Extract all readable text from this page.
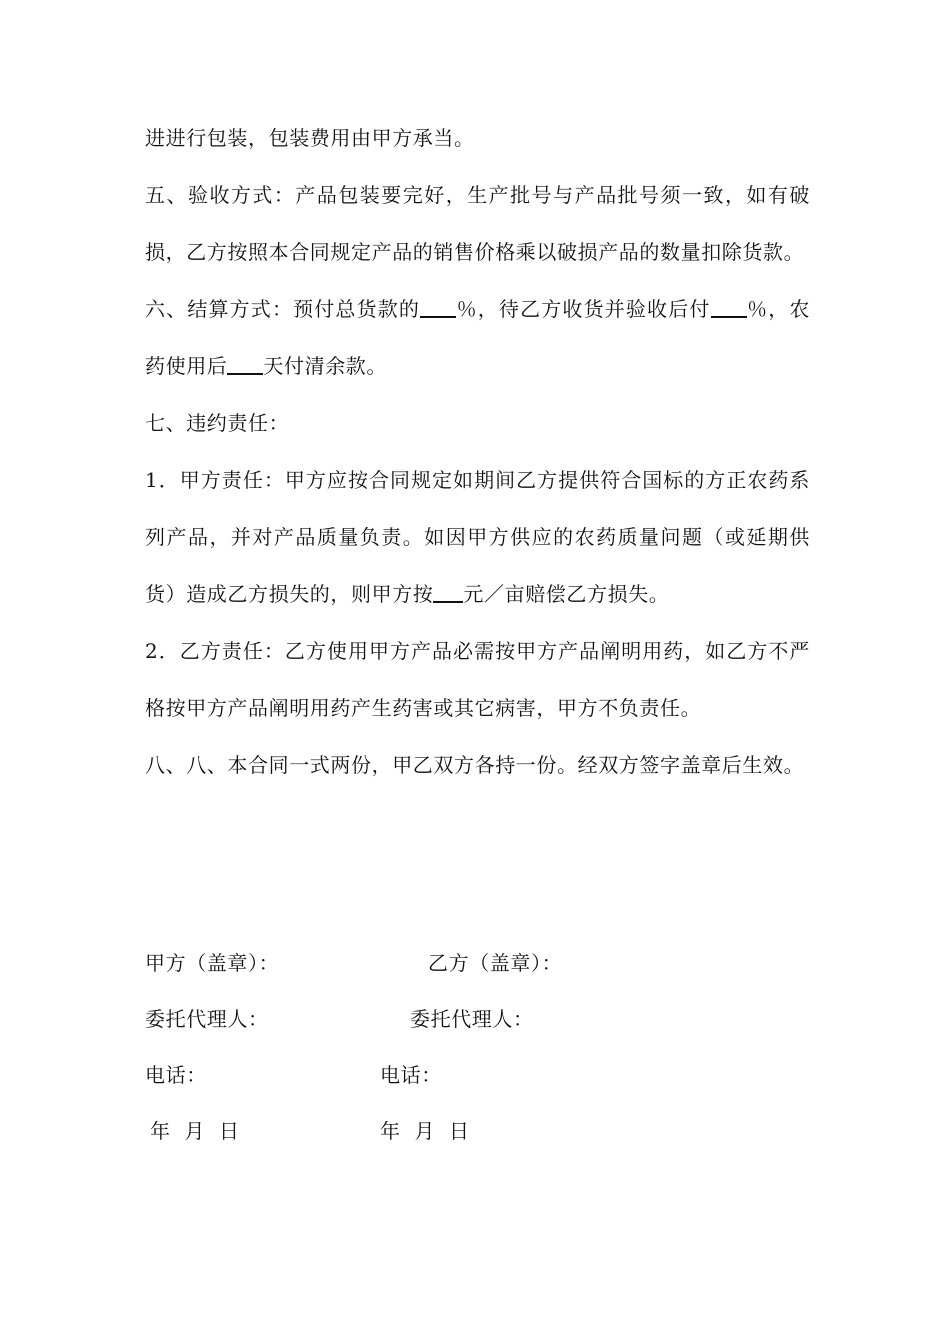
进进行包装，包装费用由甲方承当。

五、验收方式：产品包装要完好，生产批号与产品批号须一致，如有破损，乙方按照本合同规定产品的销售价格乘以破损产品的数量扣除货款。

六、结算方式：预付总货款的 ％，待乙方收货并验收后付 ％，农药使用后 天付清余款。

七、违约责任：

1．甲方责任：甲方应按合同规定如期间乙方提供符合国标的方正农药系列产品，并对产品质量负责。如因甲方供应的农药质量问题（或延期供货）造成乙方损失的，则甲方按 元／亩赔偿乙方损失。

2．乙方责任：乙方使用甲方产品必需按甲方产品阐明用药，如乙方不严格按甲方产品阐明用药产生药害或其它病害，甲方不负责任。

八、八、本合同一式两份，甲乙双方各持一份。经双方签字盖章后生效。

甲方（盖章）：	乙方（盖章）：
委托代理人：	委托代理人：
电话：	电话：
年  月  日	年  月  日
